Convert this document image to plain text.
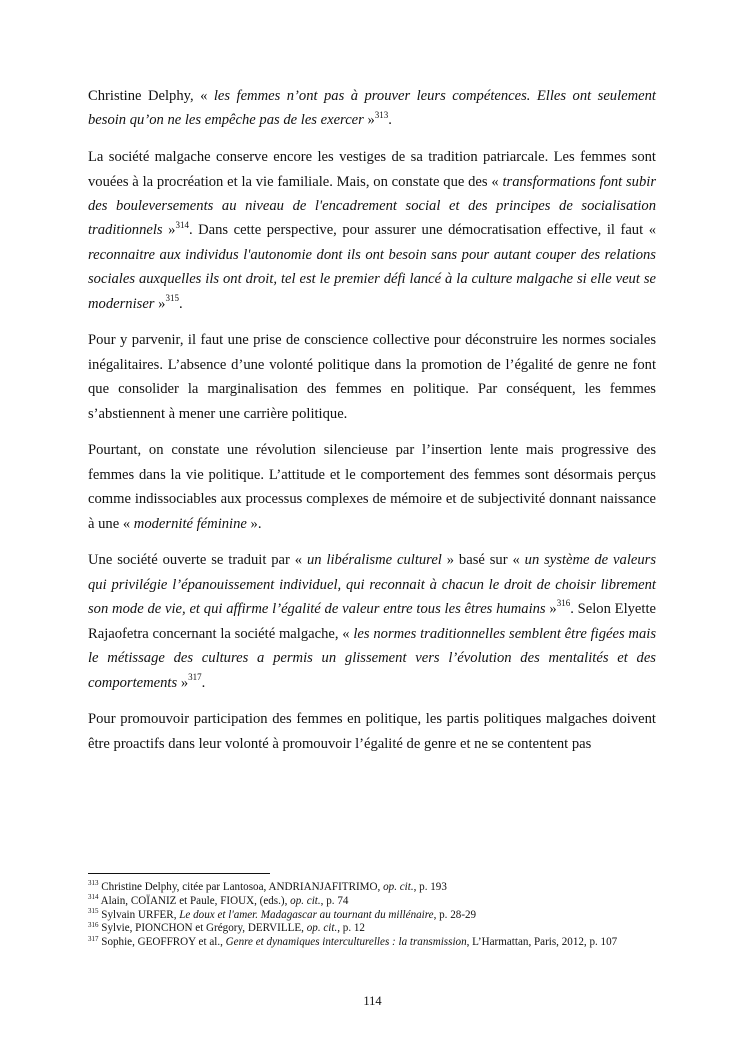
Christine Delphy, « les femmes n’ont pas à prouver leurs compétences. Elles ont seulement besoin qu’on ne les empêche pas de les exercer »$^{313}$.

La société malgache conserve encore les vestiges de sa tradition patriarcale. Les femmes sont vouées à la procréation et la vie familiale. Mais, on constate que des « transformations font subir des bouleversements au niveau de l'encadrement social et des principes de socialisation traditionnels »$^{314}$. Dans cette perspective, pour assurer une démocratisation effective, il faut « reconnaitre aux individus l'autonomie dont ils ont besoin sans pour autant couper des relations sociales auxquelles ils ont droit, tel est le premier défi lancé à la culture malgache si elle veut se moderniser »$^{315}$.

Pour y parvenir, il faut une prise de conscience collective pour déconstruire les normes sociales inégalitaires. L’absence d’une volonté politique dans la promotion de l’égalité de genre ne font que consolider la marginalisation des femmes en politique. Par conséquent, les femmes s’abstiennent à mener une carrière politique.

Pourtant, on constate une révolution silencieuse par l’insertion lente mais progressive des femmes dans la vie politique. L’attitude et le comportement des femmes sont désormais perçus comme indissociables aux processus complexes de mémoire et de subjectivité donnant naissance à une « modernité féminine ».

Une société ouverte se traduit par « un libéralisme culturel » basé sur « un système de valeurs qui privilégie l’épanouissement individuel, qui reconnait à chacun le droit de choisir librement son mode de vie, et qui affirme l’égalité de valeur entre tous les êtres humains »$^{316}$. Selon Elyette Rajaofetra concernant la société malgache, « les normes traditionnelles semblent être figées mais le métissage des cultures a permis un glissement vers l’évolution des mentalités et des comportements »$^{317}$.

Pour promouvoir participation des femmes en politique, les partis politiques malgaches doivent être proactifs dans leur volonté à promouvoir l’égalité de genre et ne se contentent pas

$^{313}$ Christine Delphy, citée par Lantosoa, ANDRIANJAFITRIMO, op. cit., p. 193
$^{314}$ Alain, COÏANIZ et Paule, FIOUX, (eds.), op. cit., p. 74
$^{315}$ Sylvain URFER, Le doux et l'amer. Madagascar au tournant du millénaire, p. 28-29
$^{316}$ Sylvie, PIONCHON et Grégory, DERVILLE, op. cit., p. 12
$^{317}$ Sophie, GEOFFROY et al., Genre et dynamiques interculturelles : la transmission, L’Harmattan, Paris, 2012, p. 107
114
